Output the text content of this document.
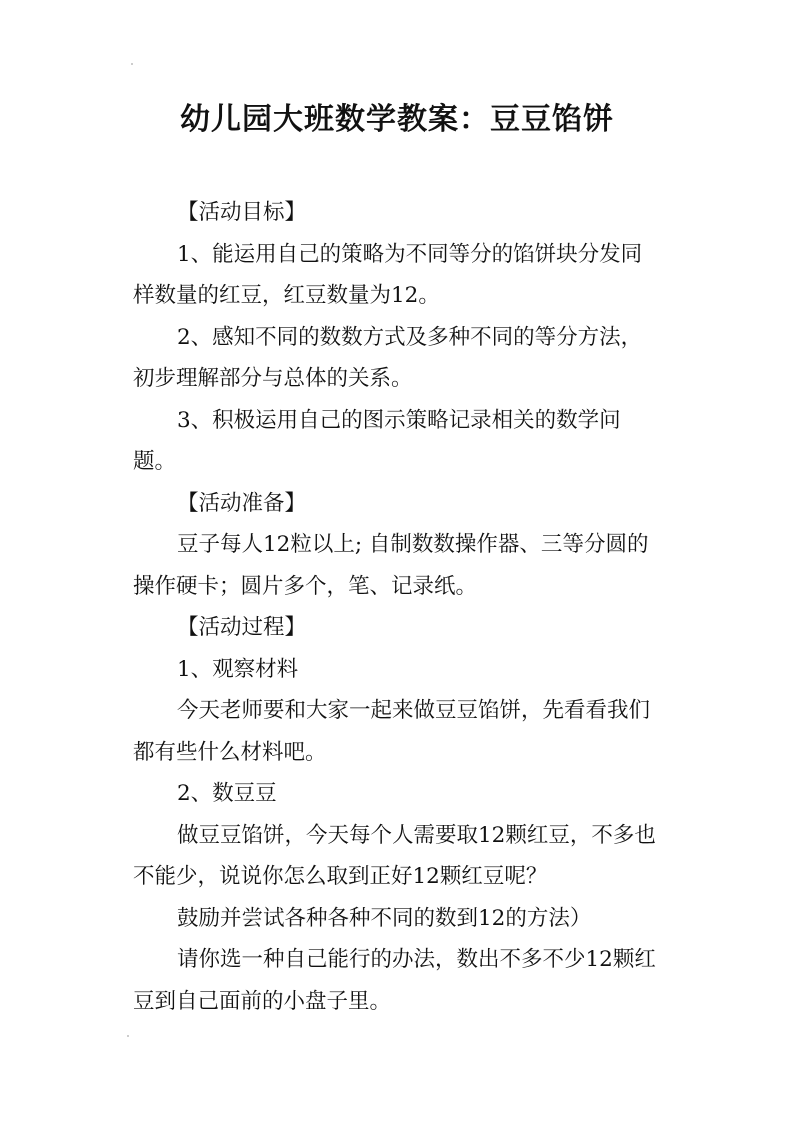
幼儿园大班数学教案：豆豆馅饼

【活动目标】

1、能运用自己的策略为不同等分的馅饼块分发同样数量的红豆，红豆数量为12。

2、感知不同的数数方式及多种不同的等分方法，初步理解部分与总体的关系。

3、积极运用自己的图示策略记录相关的数学问题。

【活动准备】

豆子每人12粒以上; 自制数数操作器、三等分圆的操作硬卡；圆片多个，笔、记录纸。

【活动过程】

1、观察材料

今天老师要和大家一起来做豆豆馅饼，先看看我们都有些什么材料吧。

2、数豆豆

做豆豆馅饼，今天每个人需要取12颗红豆，不多也不能少，说说你怎么取到正好12颗红豆呢？

鼓励并尝试各种各种不同的数到12的方法）

请你选一种自己能行的办法，数出不多不少12颗红豆到自己面前的小盘子里。
